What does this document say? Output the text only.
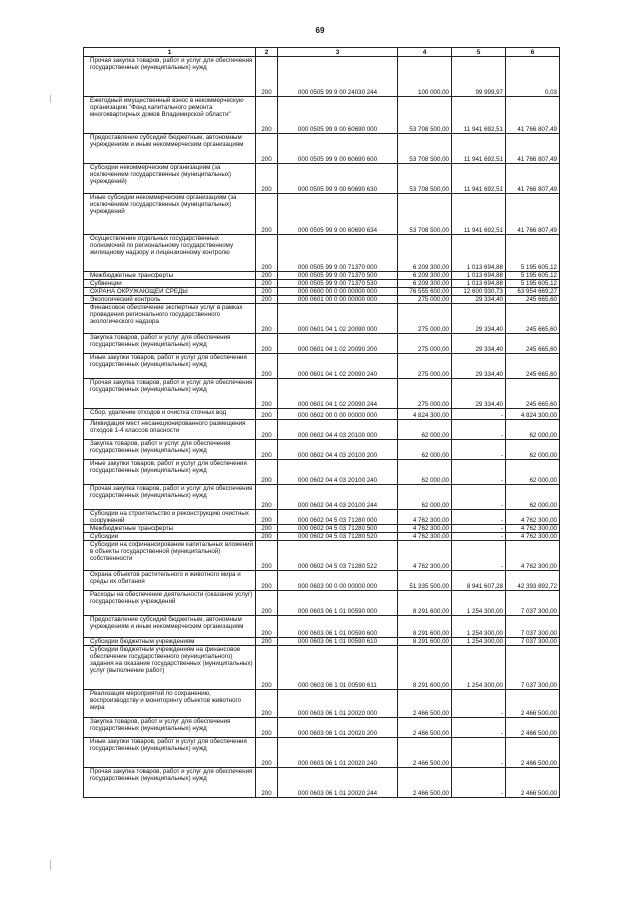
69
1	2	3	4	5	6
Прочая закупка товаров, работ и услуг для обеспечения государственных (муниципальных) нужд	200	000 0505 99 9 00 24030 244	100 000,00	99 999,97	0,03
Ежегодный имущественный взнос в некоммерческую организацию "Фонд капитального ремонта многоквартирных домов Владимирской области"	200	000 0505 99 9 00 60690 000	53 708 500,00	11 941 692,51	41 766 807,49
Предоставление субсидий бюджетным, автономным учреждениям и иным некоммерческим организациям	200	000 0505 99 9 00 60690 600	53 708 500,00	11 941 692,51	41 766 807,49
Субсидии некоммерческим организациям (за исключением государственных (муниципальных) учреждений)	200	000 0505 99 9 00 60690 630	53 708 500,00	11 941 692,51	41 766 807,49
Иные субсидии некоммерческим организациям (за исключением государственных (муниципальных) учреждений	200	000 0505 99 9 00 60690 634	53 708 500,00	11 941 692,51	41 766 807,49
Осуществление отдельных государственных полномочий по региональному государственному жилищному надзору и лицензионному контролю	200	000 0505 99 9 00 71370 000	6 209 300,00	1 013 694,88	5 195 605,12
Межбюджетные трансферты	200	000 0505 99 9 00 71370 500	6 209 300,00	1 013 694,88	5 195 605,12
Субвенции	200	000 0505 99 9 00 71370 530	6 209 300,00	1 013 694,88	5 195 605,12
ОХРАНА ОКРУЖАЮЩЕЙ СРЕДЫ	200	000 0600 00 0 00 00000 000	76 555 600,00	12 600 930,73	63 954 669,27
Экологический контроль	200	000 0601 00 0 00 00000 000	275 000,00	29 334,40	245 665,60
Финансовое обеспечение экспертных услуг в рамках проведения регионального государственного экологического надзора	200	000 0601 04 1 02 20090 000	275 000,00	29 334,40	245 665,60
Закупка товаров, работ и услуг для обеспечения государственных (муниципальных) нужд	200	000 0601 04 1 02 20090 200	275 000,00	29 334,40	245 665,60
Иные закупки товаров, работ и услуг для обеспечения государственных (муниципальных) нужд	200	000 0601 04 1 02 20090 240	275 000,00	29 334,40	245 665,60
Прочая закупка товаров, работ и услуг для обеспечения государственных (муниципальных) нужд	200	000 0601 04 1 02 20090 244	275 000,00	29 334,40	245 665,60
Сбор, удаление отходов и очистка сточных вод	200	000 0602 00 0 00 00000 000	4 824 300,00	-	4 824 300,00
Ликвидация мест несанкционированного размещения отходов 1-4 классов опасности	200	000 0602 04 4 03 20100 000	62 000,00	-	62 000,00
Закупка товаров, работ и услуг для обеспечения государственных (муниципальных) нужд	200	000 0602 04 4 03 20100 200	62 000,00	-	62 000,00
Иные закупки товаров, работ и услуг для обеспечения государственных (муниципальных) нужд	200	000 0602 04 4 03 20100 240	62 000,00	-	62 000,00
Прочая закупка товаров, работ и услуг для обеспечения государственных (муниципальных) нужд	200	000 0602 04 4 03 20100 244	62 000,00	-	62 000,00
Субсидии на строительство и реконструкцию очистных сооружений	200	000 0602 04 5 03 71280 000	4 762 300,00	-	4 762 300,00
Межбюджетные трансферты	200	000 0602 04 5 03 71280 500	4 762 300,00	-	4 762 300,00
Субсидии	200	000 0602 04 5 03 71280 520	4 762 300,00	-	4 762 300,00
Субсидии на софинансирование капитальных вложений в объекты государственной (муниципальной) собственности	200	000 0602 04 5 03 71280 522	4 762 300,00	-	4 762 300,00
Охрана объектов растительного и животного мира и среды их обитания	200	000 0603 00 0 00 00000 000	51 335 500,00	8 941 607,28	42 393 892,72
Расходы на обеспечение деятельности (оказание услуг) государственных учреждений	200	000 0603 06 1 01 00590 000	8 291 600,00	1 254 300,00	7 037 300,00
Предоставление субсидий бюджетным, автономным учреждениям и иным некоммерческим организациям	200	000 0603 06 1 01 00590 600	8 291 600,00	1 254 300,00	7 037 300,00
Субсидии бюджетным учреждениям	200	000 0603 06 1 01 00590 610	8 291 600,00	1 254 300,00	7 037 300,00
Субсидии бюджетным учреждениям на финансовое обеспечение государственного (муниципального) задания на оказание государственных (муниципальных) услуг (выполнение работ)	200	000 0603 06 1 01 00590 611	8 291 600,00	1 254 300,00	7 037 300,00
Реализация мероприятий по сохранению, воспроизводству и мониторингу объектов животного мира	200	000 0603 06 1 01 20020 000	2 466 500,00	-	2 466 500,00
Закупка товаров, работ и услуг для обеспечения государственных (муниципальных) нужд	200	000 0603 06 1 01 20020 200	2 466 500,00	-	2 466 500,00
Иные закупки товаров, работ и услуг для обеспечения государственных (муниципальных) нужд	200	000 0603 06 1 01 20020 240	2 466 500,00	-	2 466 500,00
Прочая закупка товаров, работ и услуг для обеспечения государственных (муниципальных) нужд	200	000 0603 06 1 01 20020 244	2 466 500,00	-	2 466 500,00
